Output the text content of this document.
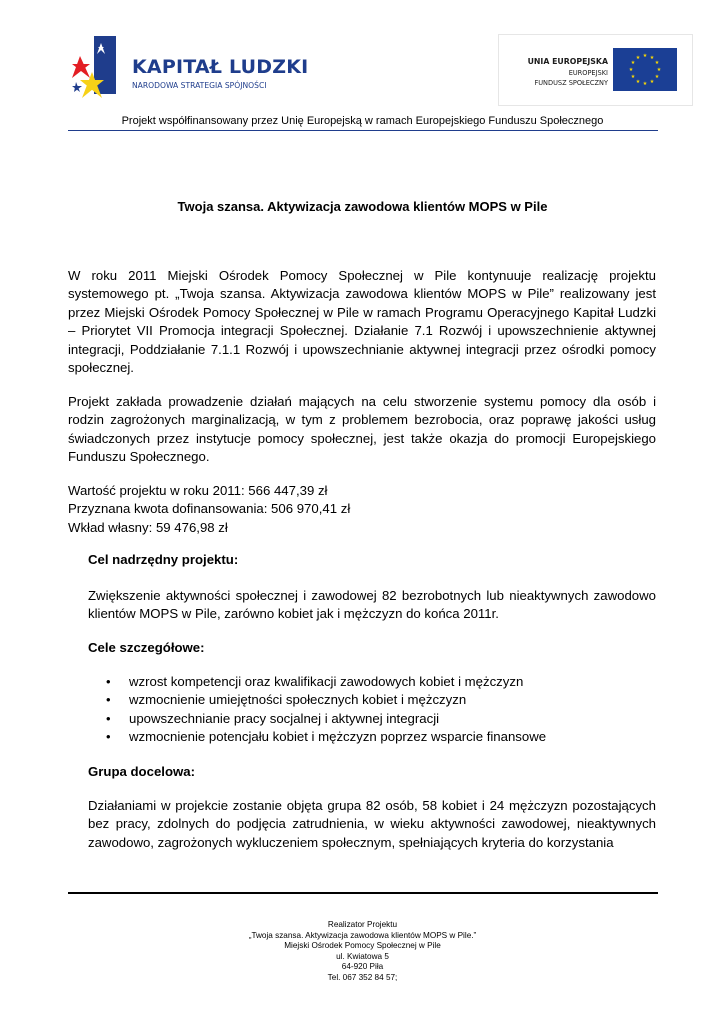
KAPITAŁ LUDZKI
NARODOWA STRATEGIA SPÓJNOŚCI
UNIA EUROPEJSKA
EUROPEJSKI
FUNDUSZ SPOŁECZNY
★ ★
★
★
★
★
★
★
★
★
★
★
Projekt współfinansowany przez Unię Europejską w ramach Europejskiego Funduszu Społecznego
Twoja szansa. Aktywizacja zawodowa klientów MOPS w Pile

W roku 2011 Miejski Ośrodek Pomocy Społecznej w Pile kontynuuje realizację projektu systemowego pt. „Twoja szansa. Aktywizacja zawodowa klientów MOPS w Pile” realizowany jest przez Miejski Ośrodek Pomocy Społecznej w Pile w ramach Programu Operacyjnego Kapitał Ludzki – Priorytet VII Promocja integracji Społecznej. Działanie 7.1 Rozwój i upowszechnienie aktywnej integracji, Poddziałanie 7.1.1 Rozwój i upowszechnianie aktywnej integracji przez ośrodki pomocy społecznej.

Projekt zakłada prowadzenie działań mających na celu stworzenie systemu pomocy dla osób i rodzin zagrożonych marginalizacją, w tym z problemem bezrobocia, oraz poprawę jakości usług świadczonych przez instytucje pomocy społecznej, jest także okazja do promocji Europejskiego Funduszu Społecznego.

Wartość projektu w roku 2011: 566 447,39 zł
Przyznana kwota dofinansowania: 506 970,41 zł
Wkład własny: 59 476,98 zł

Cel nadrzędny projektu:

Zwiększenie aktywności społecznej i zawodowej 82 bezrobotnych lub nieaktywnych zawodowo klientów MOPS w Pile, zarówno kobiet jak i mężczyzn do końca 2011r.

Cele szczegółowe:

• wzrost kompetencji oraz kwalifikacji zawodowych kobiet i mężczyzn
• wzmocnienie umiejętności społecznych kobiet i mężczyzn
• upowszechnianie pracy socjalnej i aktywnej integracji
• wzmocnienie potencjału kobiet i mężczyzn poprzez wsparcie finansowe

Grupa docelowa:

Działaniami w projekcie zostanie objęta grupa 82 osób, 58 kobiet i 24 mężczyzn pozostających bez pracy, zdolnych do podjęcia zatrudnienia, w wieku aktywności zawodowej, nieaktywnych zawodowo, zagrożonych wykluczeniem społecznym, spełniających kryteria do korzystania

Realizator Projektu
„Twoja szansa. Aktywizacja zawodowa klientów MOPS w Pile.”
Miejski Ośrodek Pomocy Społecznej w Pile
ul. Kwiatowa 5
64-920 Piła
Tel. 067 352 84 57;
